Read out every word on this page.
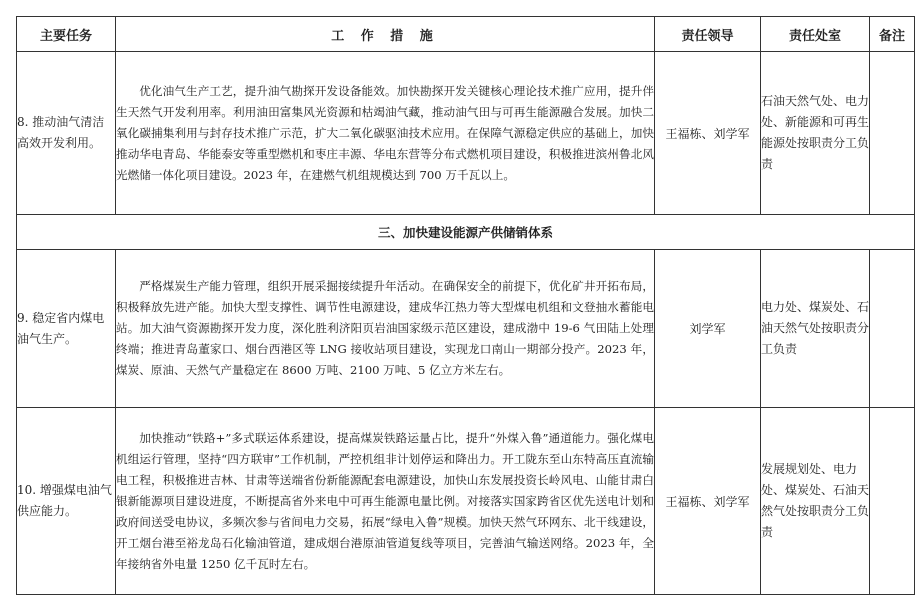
主要任务	工 作 措 施	责任领导	责任处室	备注
8. 推动油气清洁高效开发利用。	优化油气生产工艺，提升油气勘探开发设备能效。加快勘探开发关键核心理论技术推广应用，提升伴生天然气开发利用率。利用油田富集风光资源和枯竭油气藏，推动油气田与可再生能源融合发展。加快二氧化碳捕集利用与封存技术推广示范，扩大二氧化碳驱油技术应用。在保障气源稳定供应的基础上，加快推动华电青岛、华能泰安等重型燃机和枣庄丰源、华电东营等分布式燃机项目建设，积极推进滨州鲁北风光燃储一体化项目建设。2023 年，在建燃气机组规模达到 700 万千瓦以上。	王福栋、刘学军	石油天然气处、电力处、新能源和可再生能源处按职责分工负责	
三、加快建设能源产供储销体系				
9. 稳定省内煤电油气生产。	严格煤炭生产能力管理，组织开展采掘接续提升年活动。在确保安全的前提下，优化矿井开拓布局，积极释放先进产能。加快大型支撑性、调节性电源建设，建成华江热力等大型煤电机组和文登抽水蓄能电站。加大油气资源勘探开发力度，深化胜利济阳页岩油国家级示范区建设，建成渤中 19-6 气田陆上处理终端；推进青岛董家口、烟台西港区等 LNG 接收站项目建设，实现龙口南山一期部分投产。2023 年，煤炭、原油、天然气产量稳定在 8600 万吨、2100 万吨、5 亿立方米左右。	刘学军	电力处、煤炭处、石油天然气处按职责分工负责	
10. 增强煤电油气供应能力。	加快推动“铁路+”多式联运体系建设，提高煤炭铁路运量占比，提升“外煤入鲁”通道能力。强化煤电机组运行管理，坚持“四方联审”工作机制，严控机组非计划停运和降出力。开工陇东至山东特高压直流输电工程，积极推进吉林、甘肃等送端省份新能源配套电源建设，加快山东发展投资长岭风电、山能甘肃白银新能源项目建设进度，不断提高省外来电中可再生能源电量比例。对接落实国家跨省区优先送电计划和政府间送受电协议，多频次参与省间电力交易，拓展“绿电入鲁”规模。加快天然气环网东、北干线建设，开工烟台港至裕龙岛石化输油管道，建成烟台港原油管道复线等项目，完善油气输送网络。2023 年，全年接纳省外电量 1250 亿千瓦时左右。	王福栋、刘学军	发展规划处、电力处、煤炭处、石油天然气处按职责分工负责	
